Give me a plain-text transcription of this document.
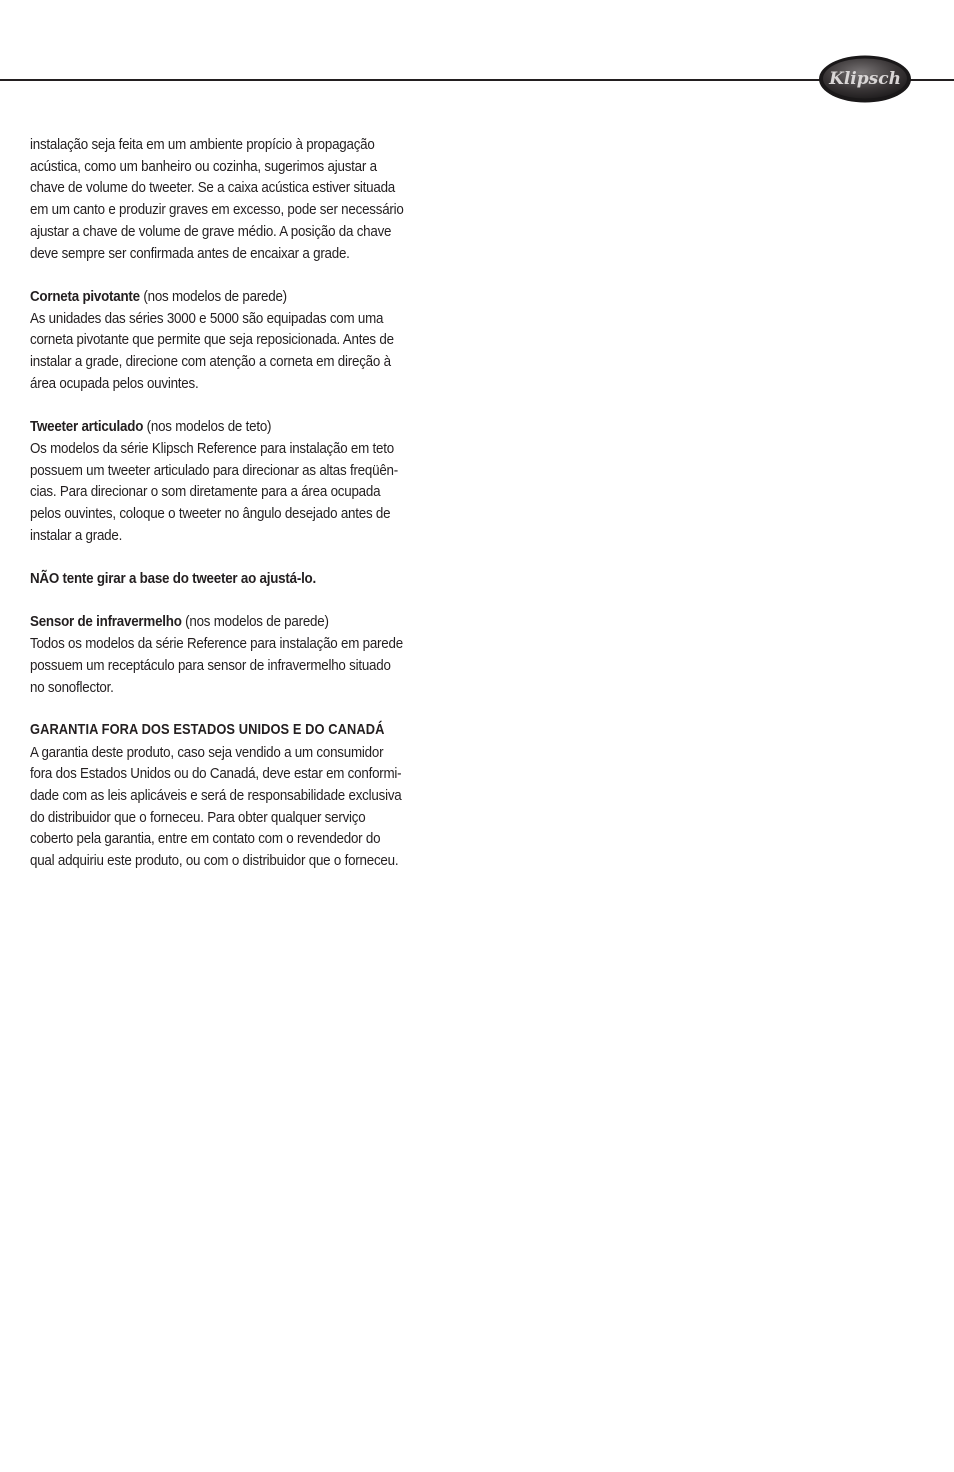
Klipsch

instalação seja feita em um ambiente propício à propagação
acústica, como um banheiro ou cozinha, sugerimos ajustar a
chave de volume do tweeter. Se a caixa acústica estiver situada
em um canto e produzir graves em excesso, pode ser necessário
ajustar a chave de volume de grave médio. A posição da chave
deve sempre ser confirmada antes de encaixar a grade.

Corneta pivotante (nos modelos de parede)
As unidades das séries 3000 e 5000 são equipadas com uma
corneta pivotante que permite que seja reposicionada. Antes de
instalar a grade, direcione com atenção a corneta em direção à
área ocupada pelos ouvintes.

Tweeter articulado (nos modelos de teto)
Os modelos da série Klipsch Reference para instalação em teto
possuem um tweeter articulado para direcionar as altas freqüên-
cias. Para direcionar o som diretamente para a área ocupada
pelos ouvintes, coloque o tweeter no ângulo desejado antes de
instalar a grade.

NÃO tente girar a base do tweeter ao ajustá-lo.

Sensor de infravermelho (nos modelos de parede)
Todos os modelos da série Reference para instalação em parede
possuem um receptáculo para sensor de infravermelho situado
no sonoflector.

GARANTIA FORA DOS ESTADOS UNIDOS E DO CANADÁ
A garantia deste produto, caso seja vendido a um consumidor
fora dos Estados Unidos ou do Canadá, deve estar em conformi-
dade com as leis aplicáveis e será de responsabilidade exclusiva
do distribuidor que o forneceu. Para obter qualquer serviço
coberto pela garantia, entre em contato com o revendedor do
qual adquiriu este produto, ou com o distribuidor que o forneceu.
